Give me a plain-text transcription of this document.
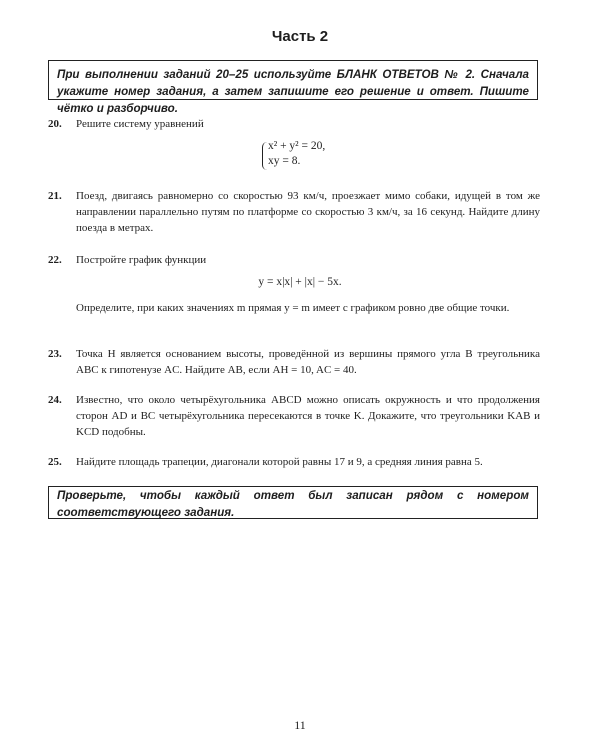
Часть 2
При выполнении заданий 20–25 используйте БЛАНК ОТВЕТОВ № 2. Сначала укажите номер задания, а затем запишите его решение и ответ. Пишите чётко и разборчиво.
20. Решите систему уравнений
x² + y² = 20,
xy = 8.
21. Поезд, двигаясь равномерно со скоростью 93 км/ч, проезжает мимо собаки, идущей в том же направлении параллельно путям по платформе со скоростью 3 км/ч, за 16 секунд. Найдите длину поезда в метрах.
22. Постройте график функции
y = x|x| + |x| − 5x.
Определите, при каких значениях m прямая y = m имеет с графиком ровно две общие точки.
23. Точка H является основанием высоты, проведённой из вершины прямого угла B треугольника ABC к гипотенузе AC. Найдите AB, если AH = 10, AC = 40.
24. Известно, что около четырёхугольника ABCD можно описать окружность и что продолжения сторон AD и BC четырёхугольника пересекаются в точке K. Докажите, что треугольники KAB и KCD подобны.
25. Найдите площадь трапеции, диагонали которой равны 17 и 9, а средняя линия равна 5.
Проверьте, чтобы каждый ответ был записан рядом с номером соответствующего задания.
11
